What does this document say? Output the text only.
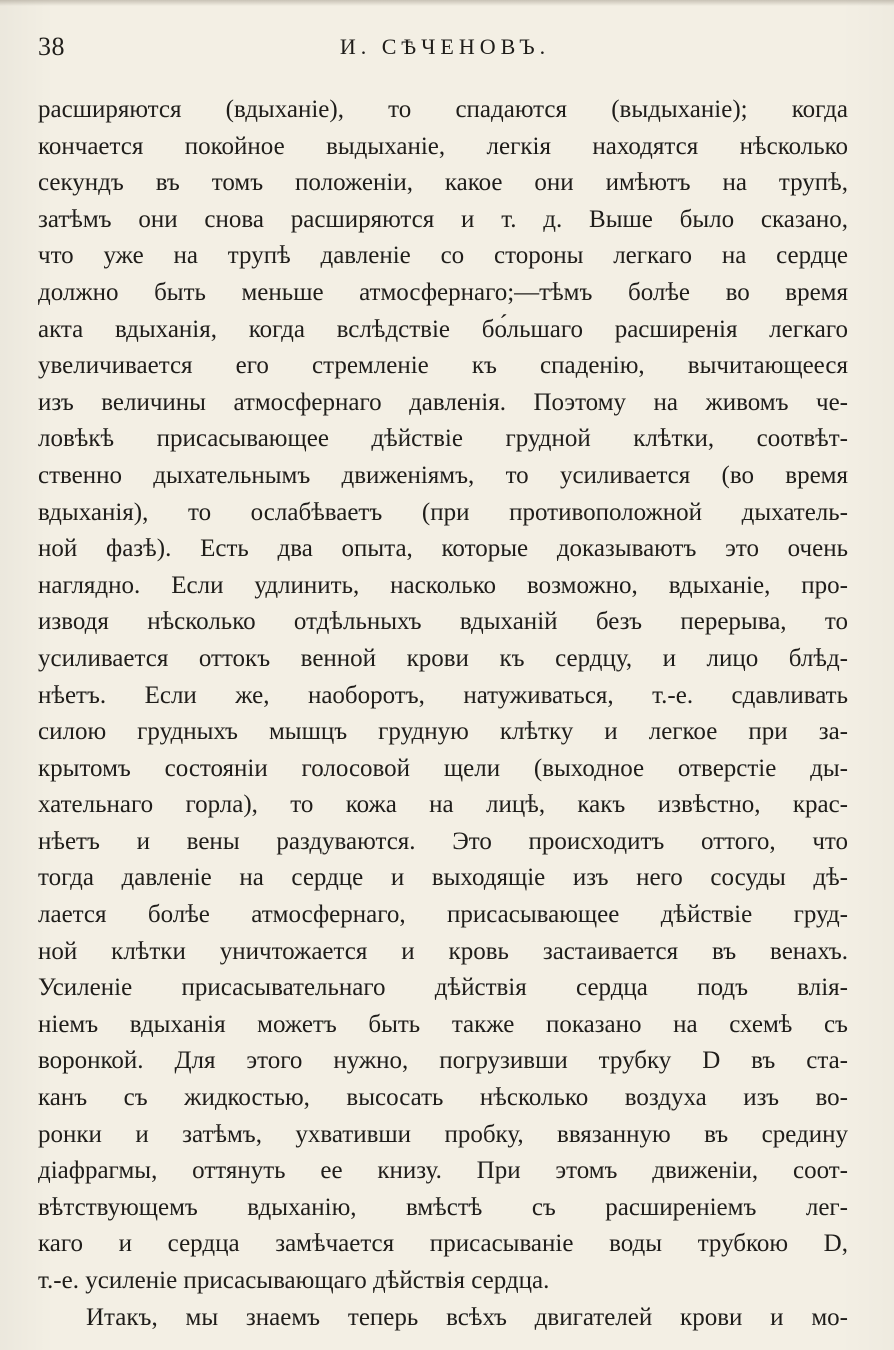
38	И. СѢЧЕНОВЪ.
расширяются (вдыханіе), то спадаются (выдыханіе); когда
кончается покойное выдыханіе, легкія находятся нѣсколько
секундъ въ томъ положеніи, какое они имѣютъ на трупѣ,
затѣмъ они снова расширяются и т. д. Выше было сказано,
что уже на трупѣ давленіе со стороны легкаго на сердце
должно быть меньше атмосфернаго;—тѣмъ болѣе во время
акта вдыханія, когда вслѣдствіе бо́льшаго расширенія легкаго
увеличивается его стремленіе къ спаденію, вычитающееся
изъ величины атмосфернаго давленія. Поэтому на живомъ че-
ловѣкѣ присасывающее дѣйствіе грудной клѣтки, соотвѣт-
ственно дыхательнымъ движеніямъ, то усиливается (во время
вдыханія), то ослабѣваетъ (при противоположной дыхатель-
ной фазѣ). Есть два опыта, которые доказываютъ это очень
наглядно. Если удлинить, насколько возможно, вдыханіе, про-
изводя нѣсколько отдѣльныхъ вдыханій безъ перерыва, то
усиливается оттокъ венной крови къ сердцу, и лицо блѣд-
нѣетъ. Если же, наоборотъ, натуживаться, т.-е. сдавливать
силою грудныхъ мышцъ грудную клѣтку и легкое при за-
крытомъ состояніи голосовой щели (выходное отверстіе ды-
хательнаго горла), то кожа на лицѣ, какъ извѣстно, крас-
нѣетъ и вены раздуваются. Это происходитъ оттого, что
тогда давленіе на сердце и выходящіе изъ него сосуды дѣ-
лается болѣе атмосфернаго, присасывающее дѣйствіе груд-
ной клѣтки уничтожается и кровь застаивается въ венахъ.
Усиленіе присасывательнаго дѣйствія сердца подъ влія-
ніемъ вдыханія можетъ быть также показано на схемѣ съ
воронкой. Для этого нужно, погрузивши трубку D въ ста-
канъ съ жидкостью, высосать нѣсколько воздуха изъ во-
ронки и затѣмъ, ухвативши пробку, ввязанную въ средину
діафрагмы, оттянуть ее книзу. При этомъ движеніи, соот-
вѣтствующемъ вдыханію, вмѣстѣ съ расширеніемъ лег-
каго и сердца замѣчается присасываніе воды трубкою D,
т.-е. усиленіе присасывающаго дѣйствія сердца.
Итакъ, мы знаемъ теперь всѣхъ двигателей крови и мо-
